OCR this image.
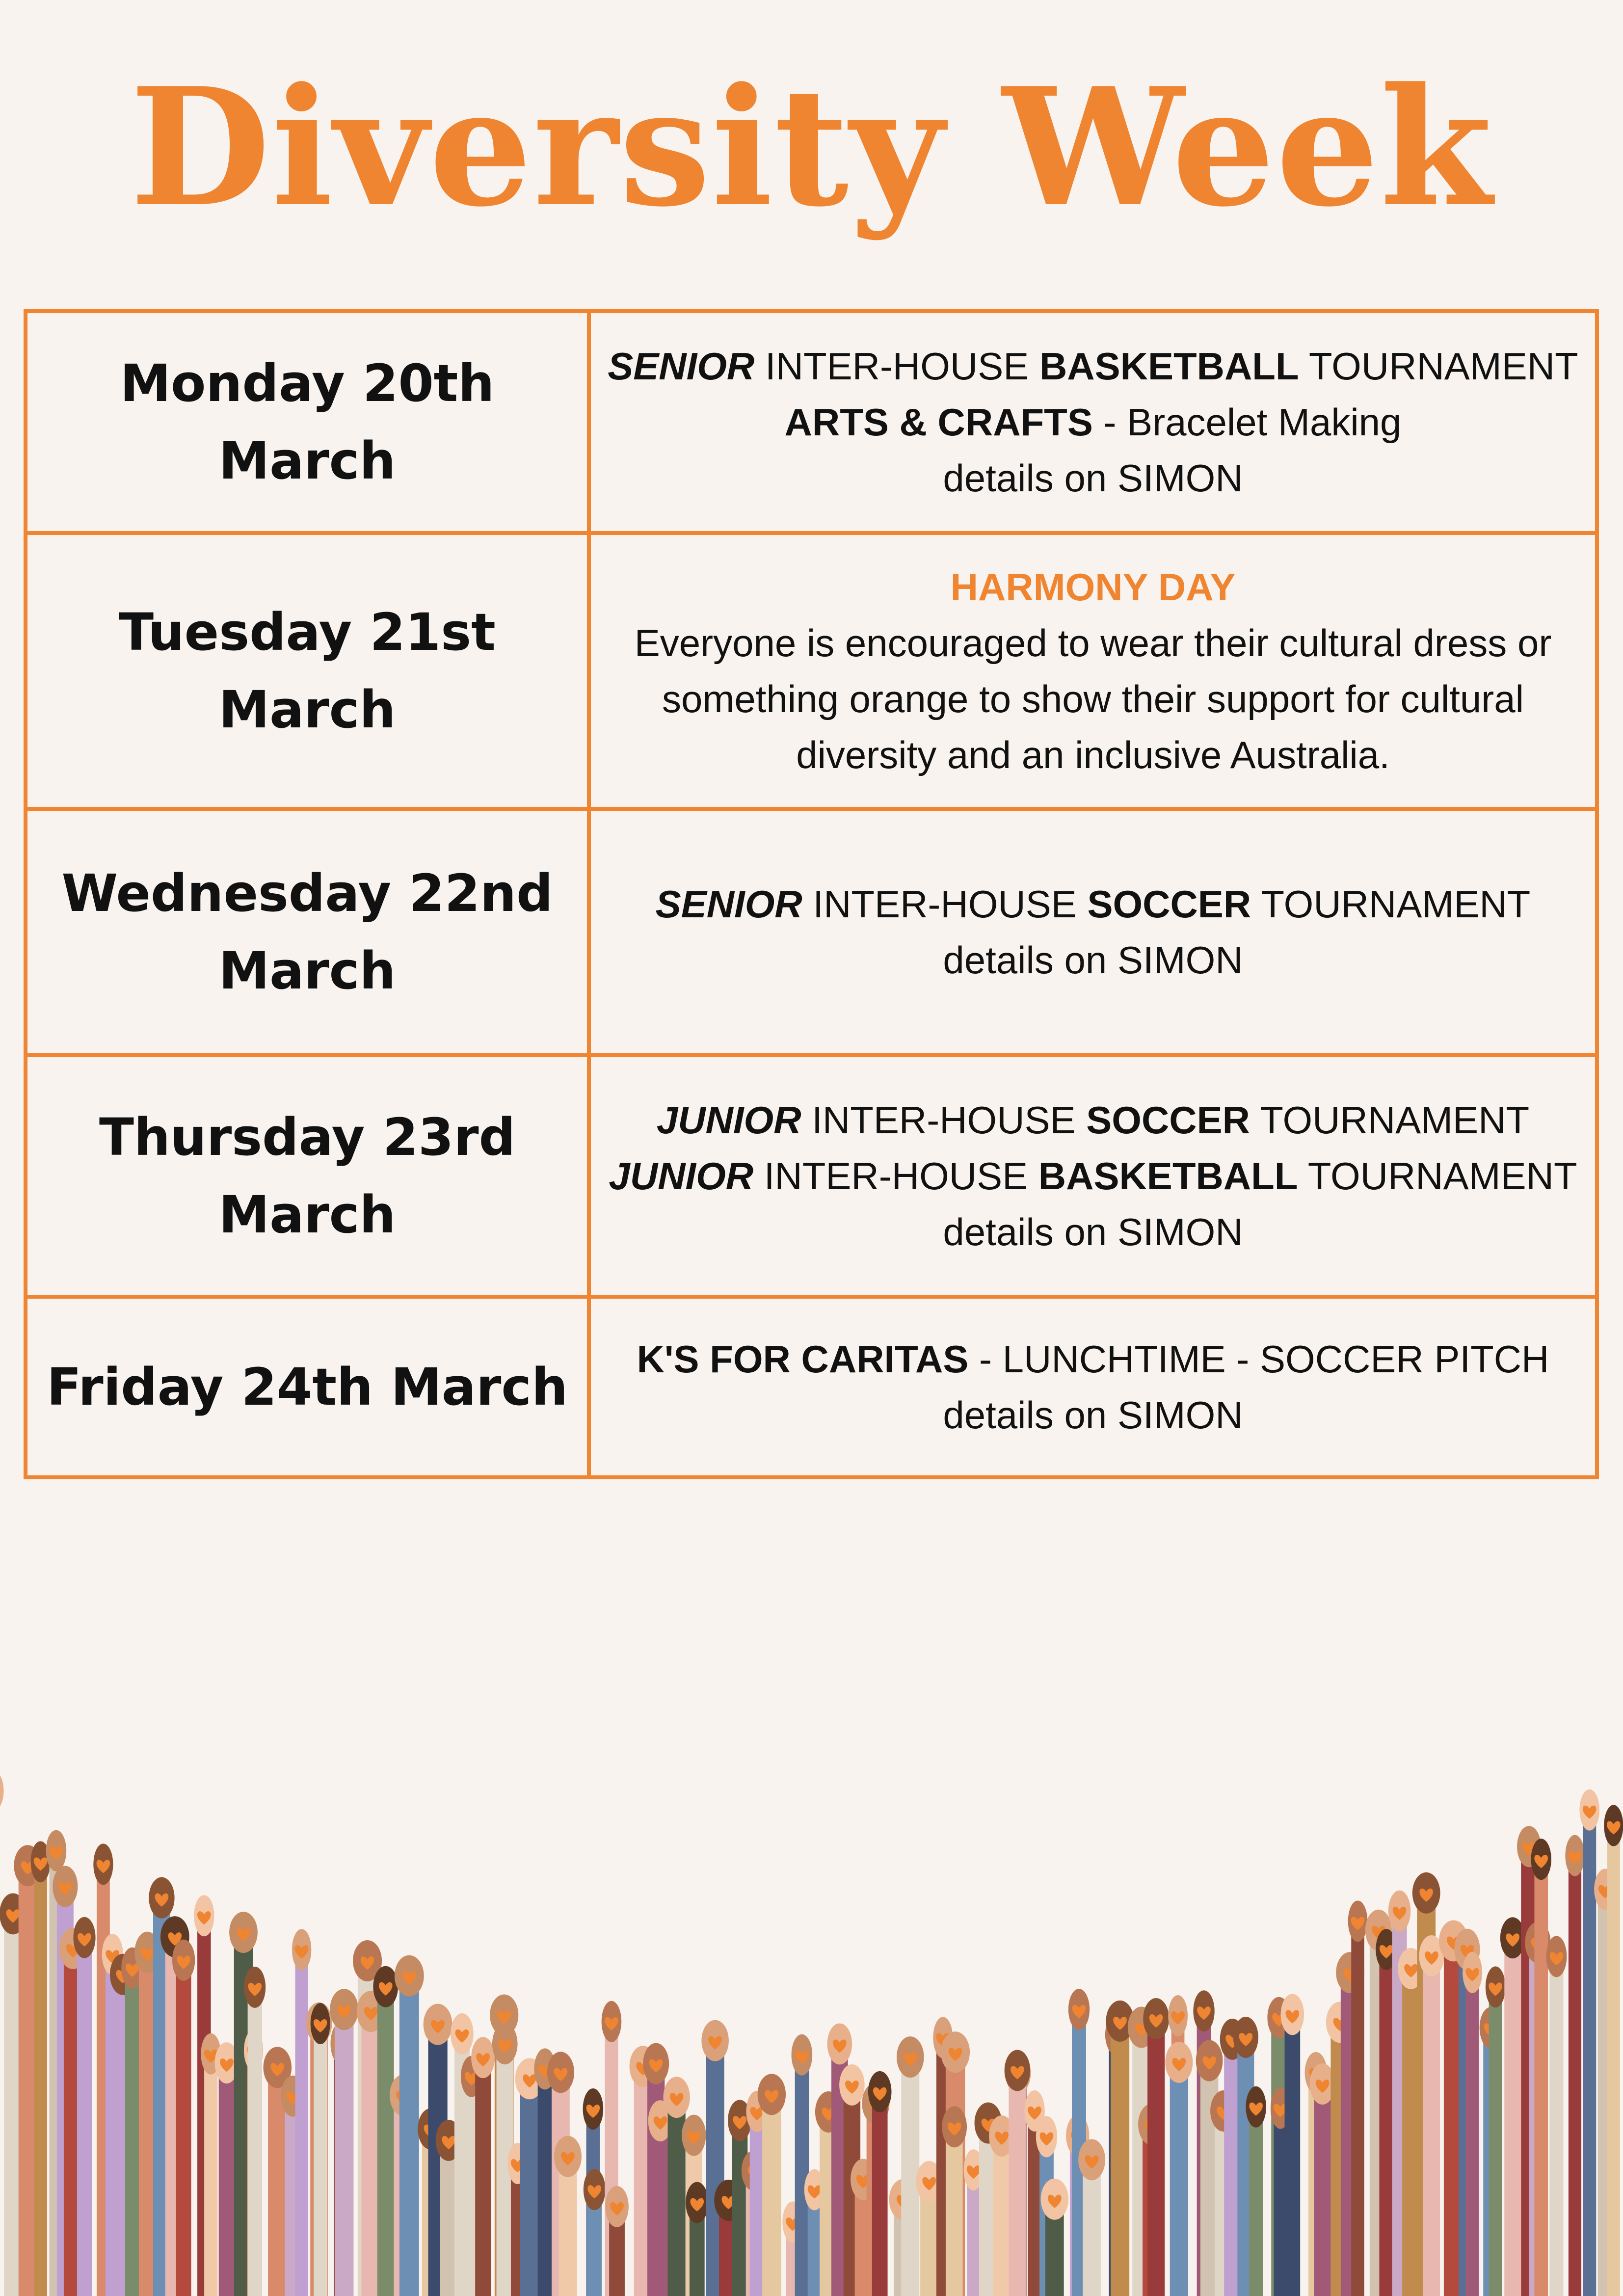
Diversity Week
Monday 20th March	SENIOR INTER-HOUSE BASKETBALL TOURNAMENT
ARTS & CRAFTS - Bracelet Making
details on SIMON

Tuesday 21st March	HARMONY DAY
Everyone is encouraged to wear their cultural dress or something orange to show their support for cultural diversity and an inclusive Australia.

Wednesday 22nd March	SENIOR INTER-HOUSE SOCCER TOURNAMENT
details on SIMON

Thursday 23rd March	JUNIOR INTER-HOUSE SOCCER TOURNAMENT
JUNIOR INTER-HOUSE BASKETBALL TOURNAMENT
details on SIMON

Friday 24th March	K'S FOR CARITAS - LUNCHTIME - SOCCER PITCH
details on SIMON
